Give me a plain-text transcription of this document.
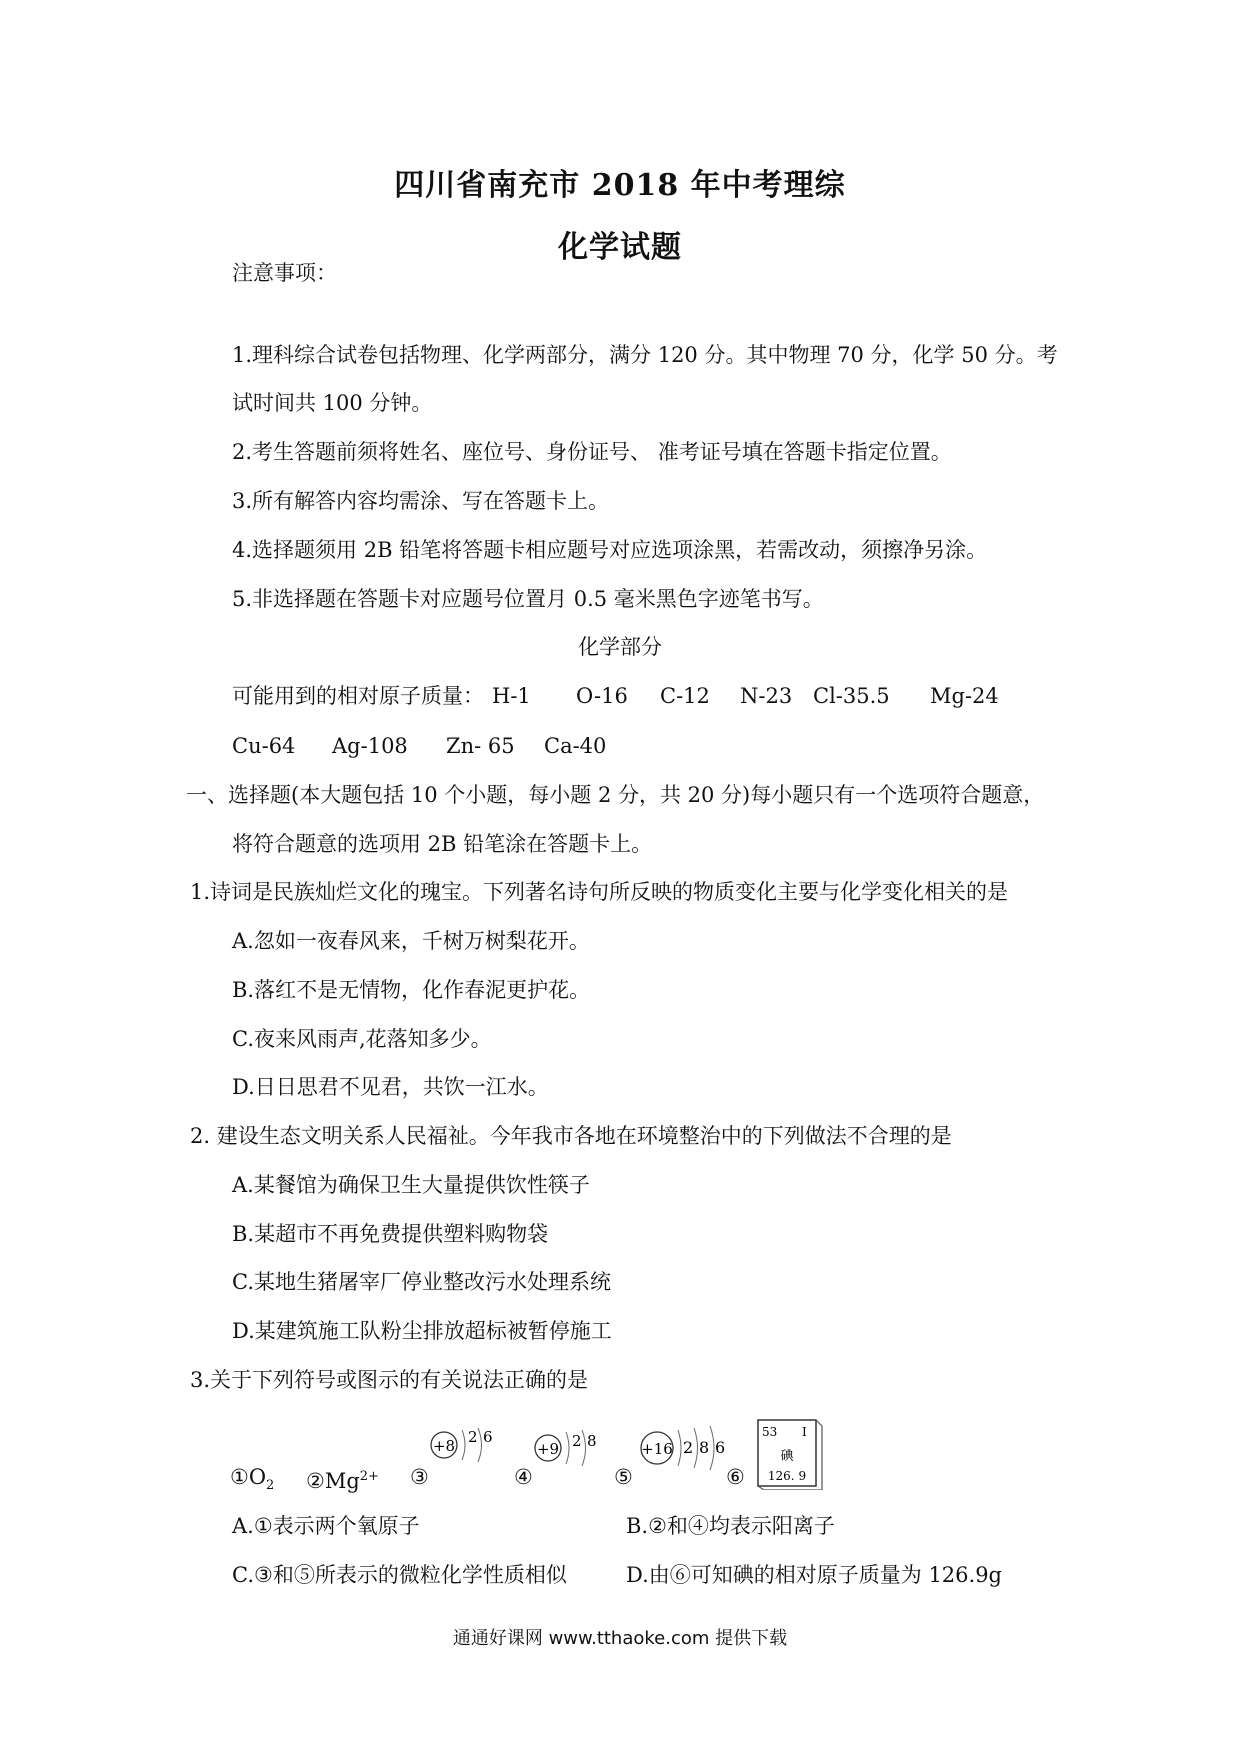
四川省南充市 2018 年中考理综
化学试题
注意事项：
1.理科综合试卷包括物理、化学两部分，满分 120 分。其中物理 70 分，化学 50 分。考
试时间共 100 分钟。
2.考生答题前须将姓名、座位号、身份证号、 准考证号填在答题卡指定位置。
3.所有解答内容均需涂、写在答题卡上。
4.选择题须用 2B 铅笔将答题卡相应题号对应选项涂黑，若需改动，须擦净另涂。
5.非选择题在答题卡对应题号位置月 0.5 毫米黑色字迹笔书写。
化学部分
可能用到的相对原子质量： H-1 O-16 C-12 N-23 Cl-35.5 Mg-24
Cu-64 Ag-108 Zn- 65 Ca-40
一、选择题(本大题包括 10 个小题，每小题 2 分，共 20 分)每小题只有一个选项符合题意，
将符合题意的选项用 2B 铅笔涂在答题卡上。
1.诗词是民族灿烂文化的瑰宝。下列著名诗句所反映的物质变化主要与化学变化相关的是
A.忽如一夜春风来，千树万树梨花开。
B.落红不是无情物，化作春泥更护花。
C.夜来风雨声,花落知多少。
D.日日思君不见君，共饮一江水。
2. 建设生态文明关系人民福祉。今年我市各地在环境整治中的下列做法不合理的是
A.某餐馆为确保卫生大量提供饮性筷子
B.某超市不再免费提供塑料购物袋
C.某地生猪屠宰厂停业整改污水处理系统
D.某建筑施工队粉尘排放超标被暂停施工
3.关于下列符号或图示的有关说法正确的是
$①O_2$ $②Mg^{2+}$ ③	④	⑤	⑥
+8 2 6
+9 2 8	+16 2 8 6
53 I
碘
126. 9
A.①表示两个氧原子	B.②和④均表示阳离子
C.③和⑤所表示的微粒化学性质相似	D.由⑥可知碘的相对原子质量为 126.9g
通通好课网 www.tthaoke.com 提供下载
